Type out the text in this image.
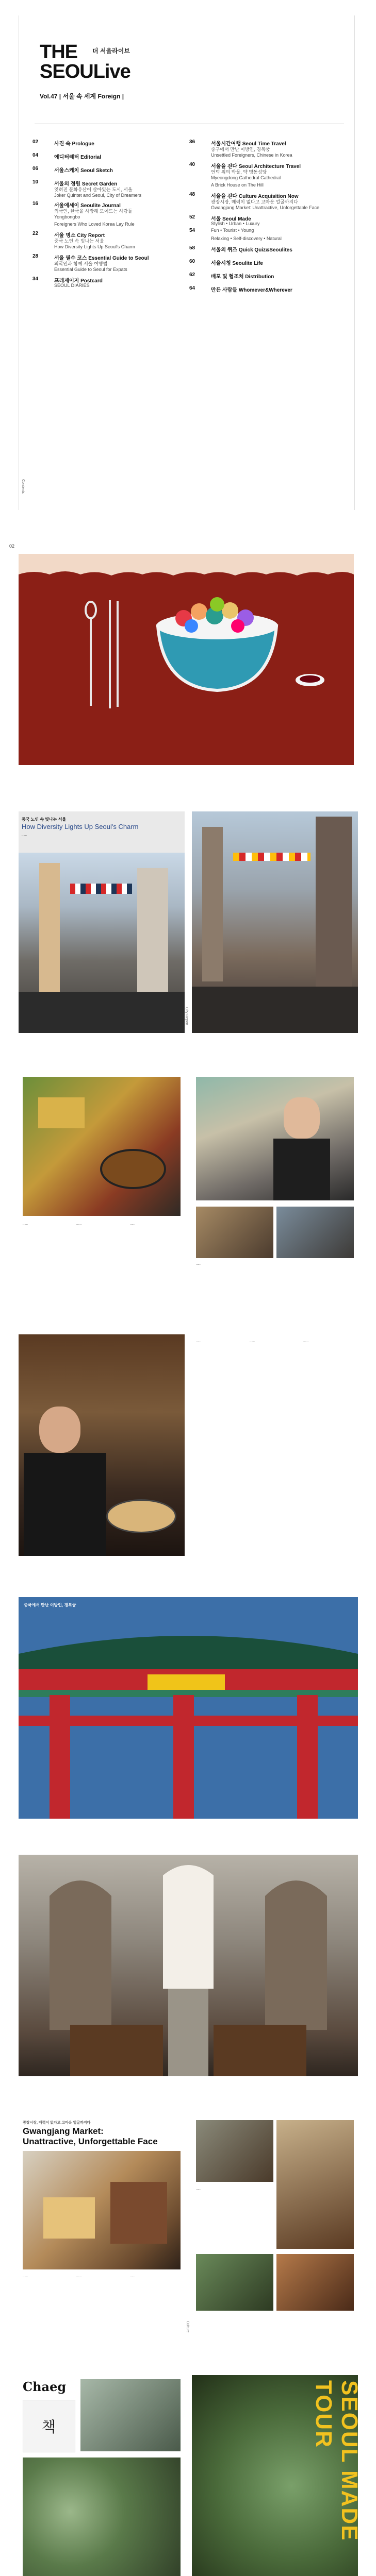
THE 더 서울라이브
SEOULive
Vol.47 | 서울 속 세계 Foreign |
02	사진 속 Prologue
04	에디터레터 Editorial
06	서울스케치 Seoul Sketch
10	서울의 정원 Secret Garden
잊혀진 문화유산이 살아있는 도시, 서울
Joker Quintet and Seoul, City of Dreamers
16	서울에세이 Seoulite Journal
외국인, 한국을 사랑해 모여드는 사람들
Yongbongbo
Foreigners Who Loved Korea Lay Rule
22	서울 명소 City Report
중국 노인 속 빛나는 서울
How Diversity Lights Up Seoul's Charm
28	서울 필수 코스 Essential Guide to Seoul
외국인과 함께 서울 여행법
Essential Guide to Seoul for Expats
34	프레제이지 Postcard
SEOUL DIARIES
36	서울시간여행 Seoul Time Travel
중구에서 만난 이방인, 경복궁
Unsettled Foreigners, Chinese in Korea
40	서울을 걷다 Seoul Architecture Travel
언덕 위의 박물, 약 명동성당
Myeongdong Cathedral Cathedral
A Brick House on The Hill
48	서울을 걷다 Culture Acquisition Now
광장시장, 매력이 없다고 고마운 얼굴까지다
Gwangjang Market: Unattractive, Unforgettable Face
52	서울 Seoul Made
Stylish • Urban • Luxury
54	Fun • Tourist • Young
Relaxing • Self-discovery • Natural
58	서울의 퀴즈 Quick Quiz&Seoulites
60	서울시청 Seoulite Life
62	배포 및 협조처 Distribution
64	만든 사람들 Whomever&Wherever
Contents
02
중국 노인 속 빛나는 서울
How Diversity Lights Up Seoul's Charm
......
City Report
......	......	......
......
......	......	......
중국에서 만난 이방인, 경복궁
광장시장, 매력이 없다고 고마운 얼굴까지다
Gwangjang Market:
Unattractive, Unforgettable Face
......	......	......
......
Culture
Chaeg
책	SEOUL MADE TOUR
